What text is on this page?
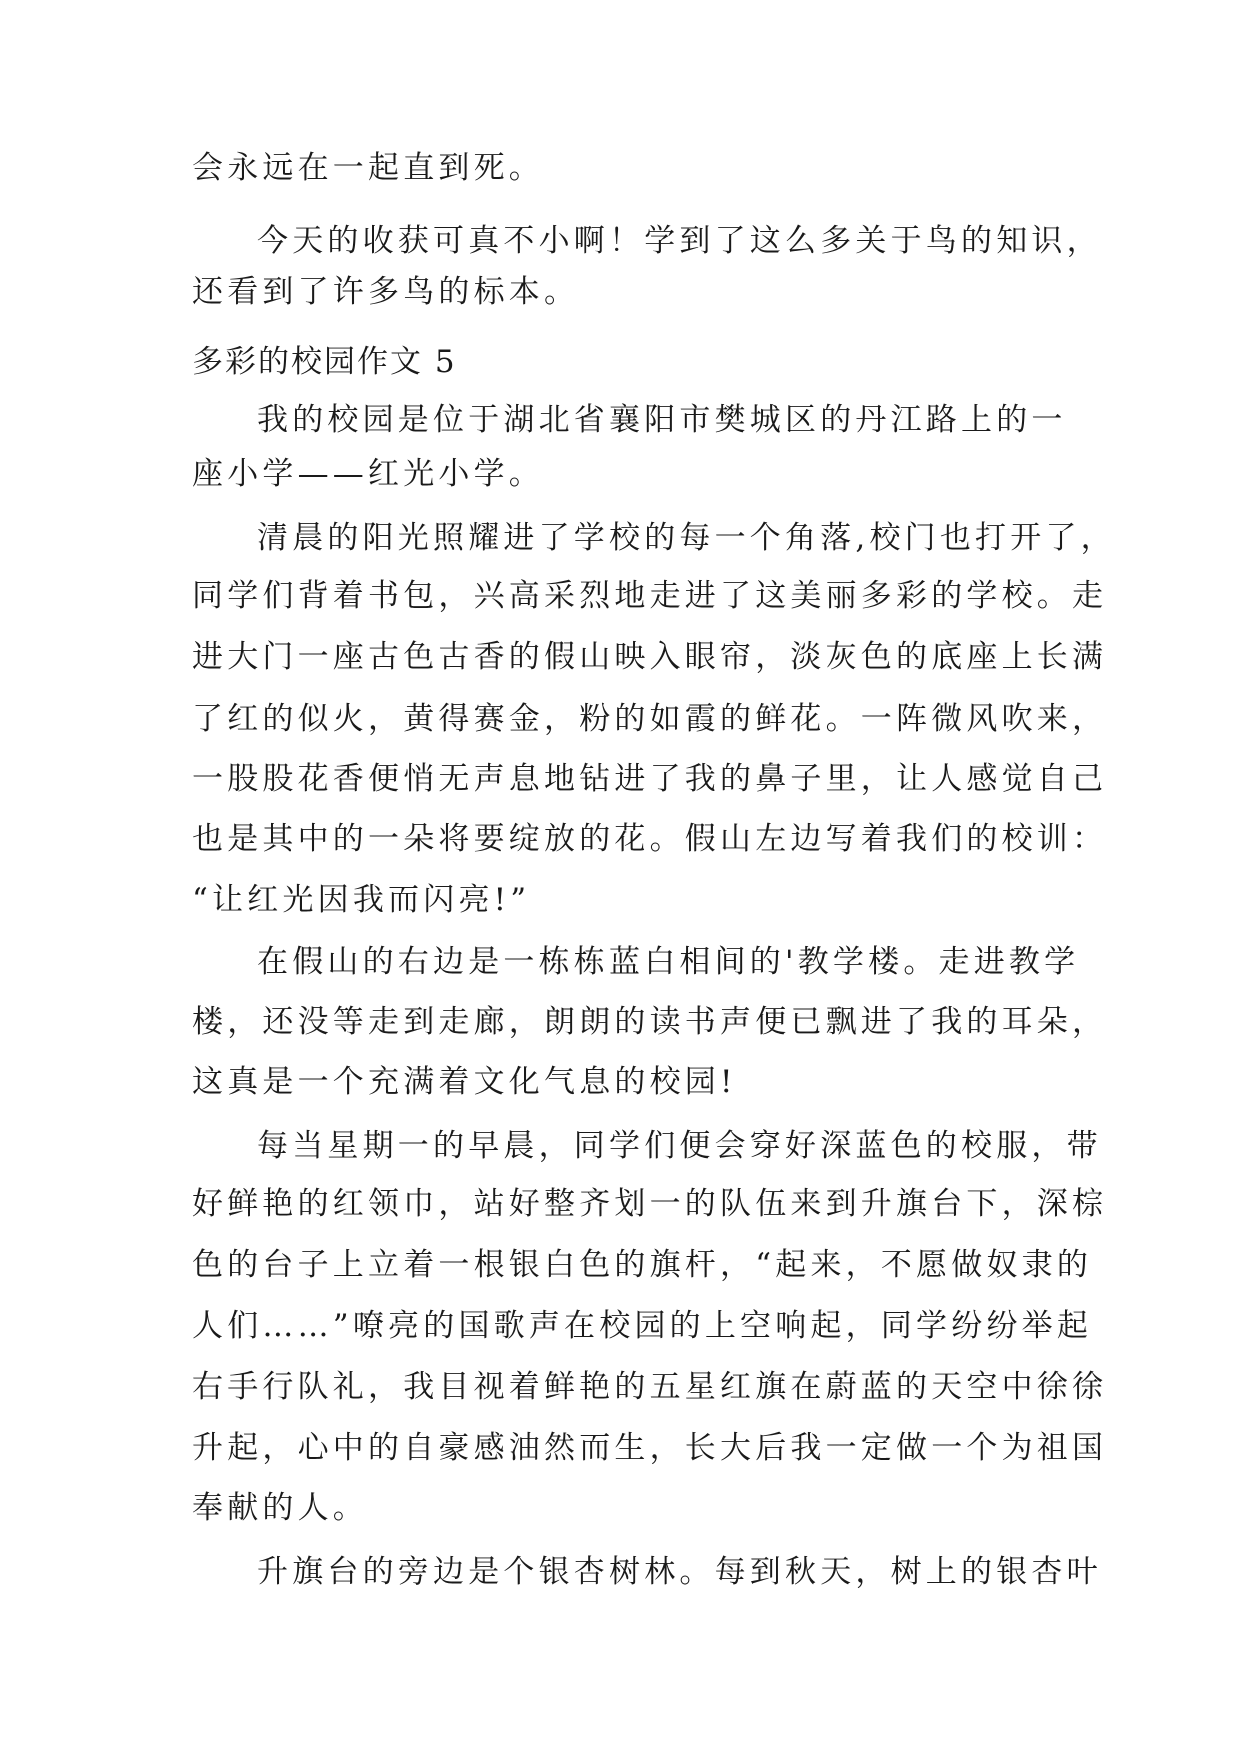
会永远在一起直到死。
今天的收获可真不小啊！学到了这么多关于鸟的知识，
还看到了许多鸟的标本。
多彩的校园作文 5
我的校园是位于湖北省襄阳市樊城区的丹江路上的一
座小学——红光小学。
清晨的阳光照耀进了学校的每一个角落,校门也打开了，
同学们背着书包，兴高采烈地走进了这美丽多彩的学校。走
进大门一座古色古香的假山映入眼帘，淡灰色的底座上长满
了红的似火，黄得赛金，粉的如霞的鲜花。一阵微风吹来，
一股股花香便悄无声息地钻进了我的鼻子里，让人感觉自己
也是其中的一朵将要绽放的花。假山左边写着我们的校训：
“让红光因我而闪亮!”
在假山的右边是一栋栋蓝白相间的'教学楼。走进教学
楼，还没等走到走廊，朗朗的读书声便已飘进了我的耳朵，
这真是一个充满着文化气息的校园!
每当星期一的早晨，同学们便会穿好深蓝色的校服，带
好鲜艳的红领巾，站好整齐划一的队伍来到升旗台下，深棕
色的台子上立着一根银白色的旗杆，“起来，不愿做奴隶的
人们……”嘹亮的国歌声在校园的上空响起，同学纷纷举起
右手行队礼，我目视着鲜艳的五星红旗在蔚蓝的天空中徐徐
升起，心中的自豪感油然而生，长大后我一定做一个为祖国
奉献的人。
升旗台的旁边是个银杏树林。每到秋天，树上的银杏叶
